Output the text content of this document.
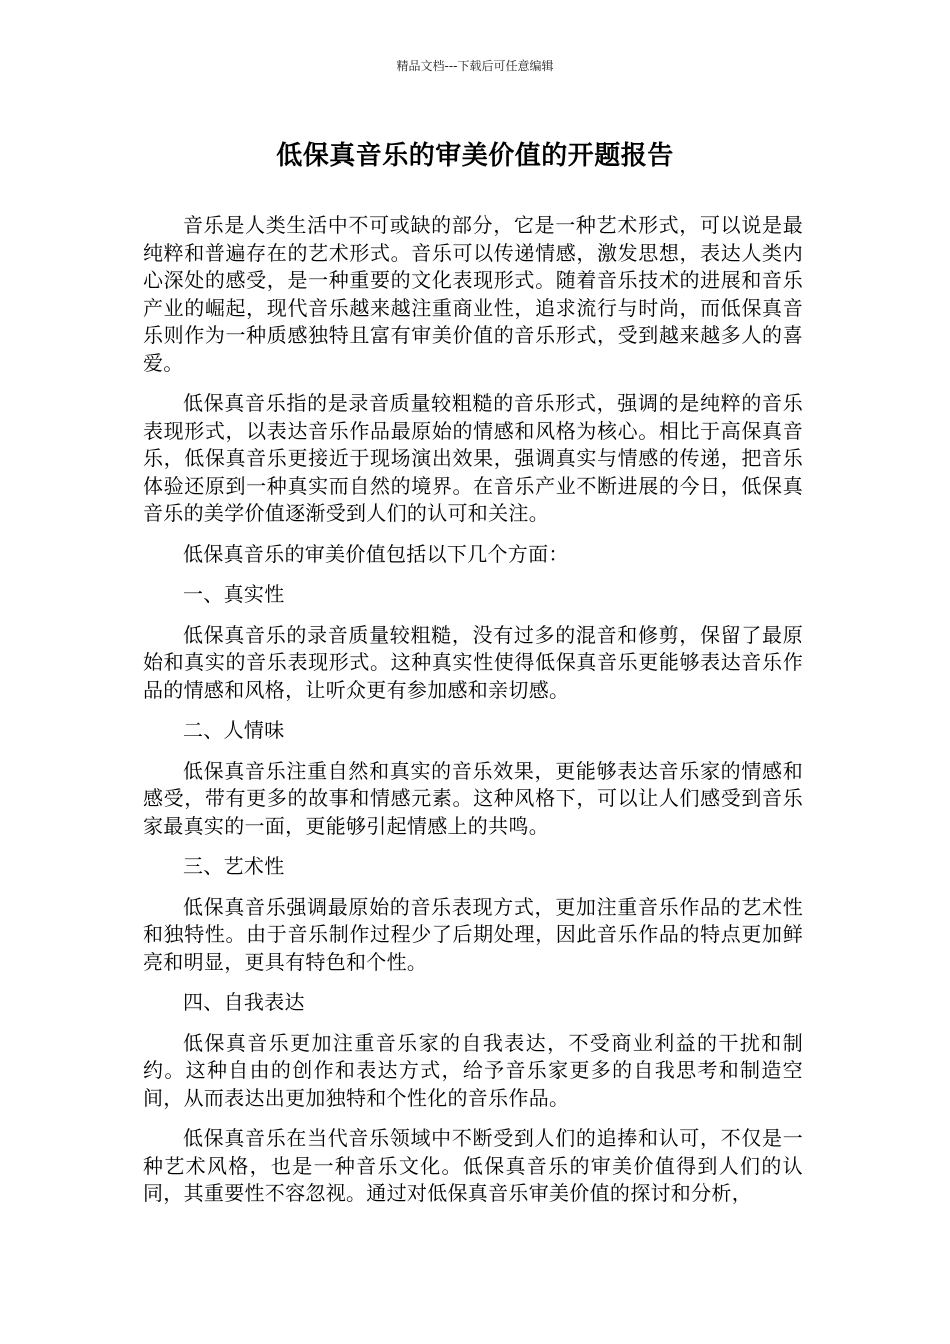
精品文档---下载后可任意编辑
低保真音乐的审美价值的开题报告

音乐是人类生活中不可或缺的部分，它是一种艺术形式，可以说是最纯粹和普遍存在的艺术形式。音乐可以传递情感，激发思想，表达人类内心深处的感受，是一种重要的文化表现形式。随着音乐技术的进展和音乐产业的崛起，现代音乐越来越注重商业性，追求流行与时尚，而低保真音乐则作为一种质感独特且富有审美价值的音乐形式，受到越来越多人的喜爱。

低保真音乐指的是录音质量较粗糙的音乐形式，强调的是纯粹的音乐表现形式，以表达音乐作品最原始的情感和风格为核心。相比于高保真音乐，低保真音乐更接近于现场演出效果，强调真实与情感的传递，把音乐体验还原到一种真实而自然的境界。在音乐产业不断进展的今日，低保真音乐的美学价值逐渐受到人们的认可和关注。

低保真音乐的审美价值包括以下几个方面：

一、真实性

低保真音乐的录音质量较粗糙，没有过多的混音和修剪，保留了最原始和真实的音乐表现形式。这种真实性使得低保真音乐更能够表达音乐作品的情感和风格，让听众更有参加感和亲切感。

二、人情味

低保真音乐注重自然和真实的音乐效果，更能够表达音乐家的情感和感受，带有更多的故事和情感元素。这种风格下，可以让人们感受到音乐家最真实的一面，更能够引起情感上的共鸣。

三、艺术性

低保真音乐强调最原始的音乐表现方式，更加注重音乐作品的艺术性和独特性。由于音乐制作过程少了后期处理，因此音乐作品的特点更加鲜亮和明显，更具有特色和个性。

四、自我表达

低保真音乐更加注重音乐家的自我表达，不受商业利益的干扰和制约。这种自由的创作和表达方式，给予音乐家更多的自我思考和制造空间，从而表达出更加独特和个性化的音乐作品。

低保真音乐在当代音乐领域中不断受到人们的追捧和认可，不仅是一种艺术风格，也是一种音乐文化。低保真音乐的审美价值得到人们的认同，其重要性不容忽视。通过对低保真音乐审美价值的探讨和分析，
